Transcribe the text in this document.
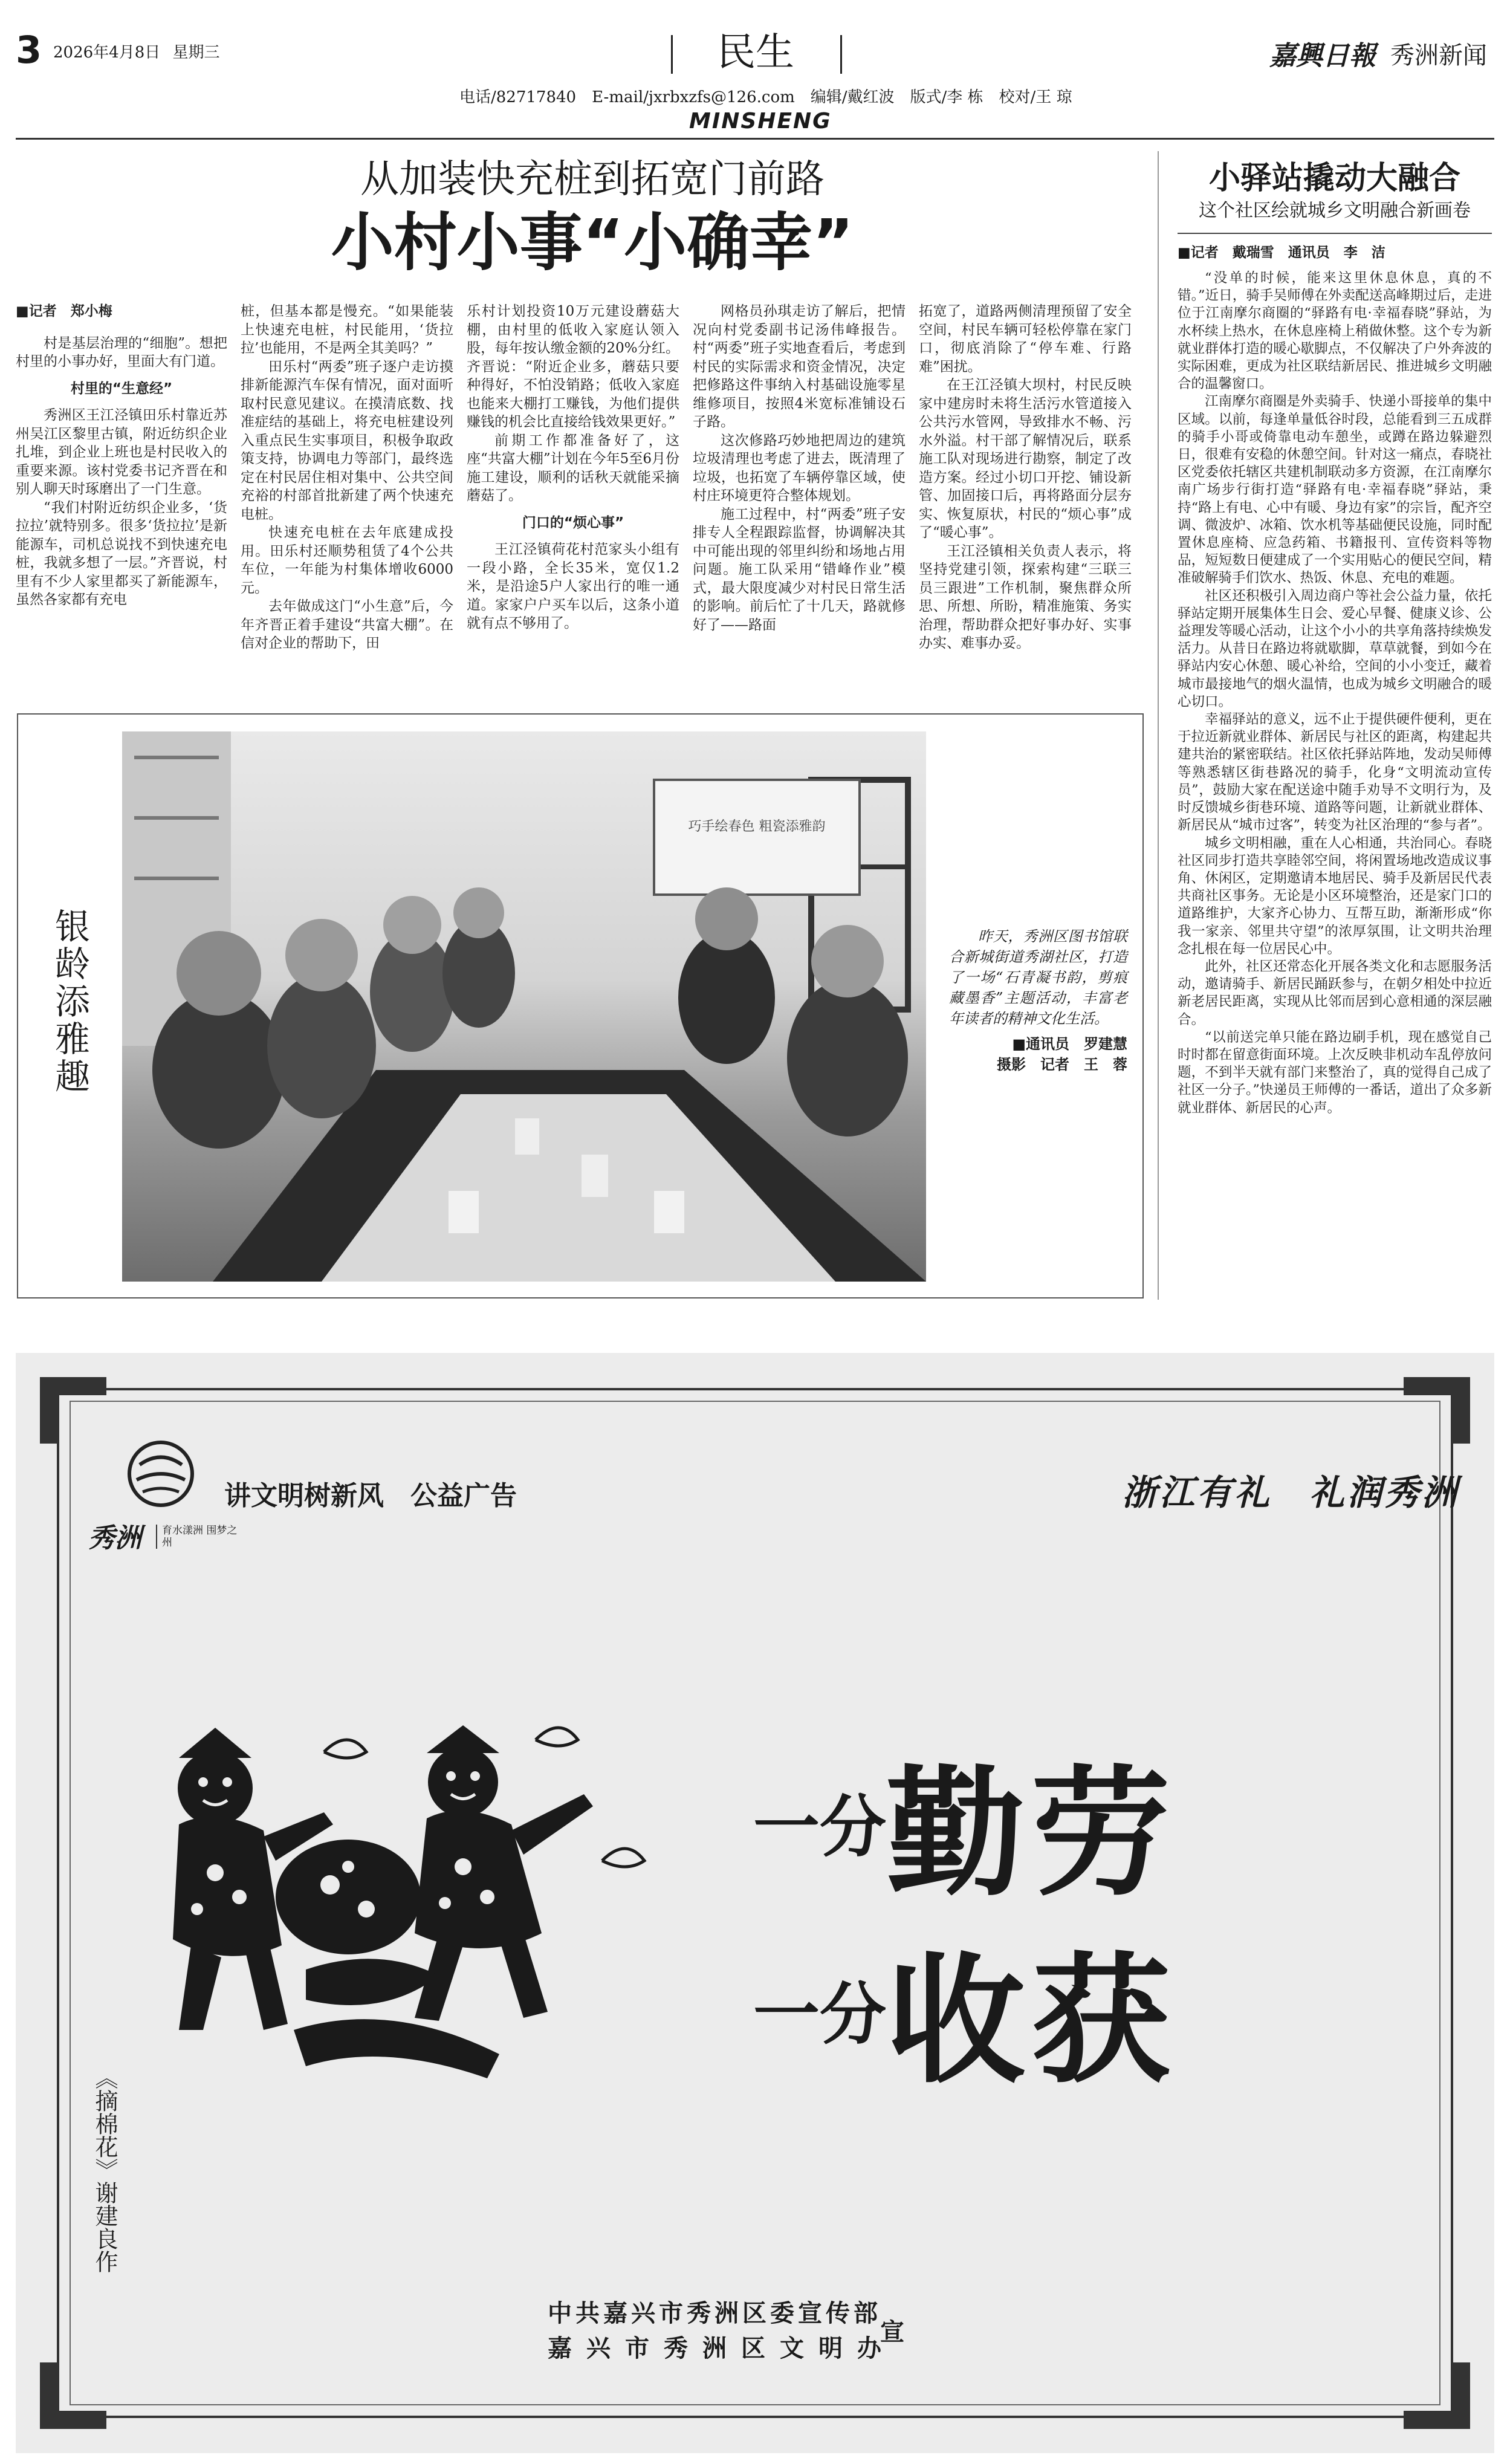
3 2026年4月8日 星期三	民生
MINSHENG
电话/82717840　E-mail/jxrbxzfs@126.com　编辑/戴红波　版式/李 栋　校对/王 琼
嘉興日報 秀洲新闻
从加装快充桩到拓宽门前路
小村小事“小确幸”
■记者　郑小梅

村是基层治理的“细胞”。想把村里的小事办好，里面大有门道。

村里的“生意经”

秀洲区王江泾镇田乐村靠近苏州吴江区黎里古镇，附近纺织企业扎堆，到企业上班也是村民收入的重要来源。该村党委书记齐晋在和别人聊天时琢磨出了一门生意。

“我们村附近纺织企业多，‘货拉拉’就特别多。很多‘货拉拉’是新能源车，司机总说找不到快速充电桩，我就多想了一层。”齐晋说，村里有不少人家里都买了新能源车，虽然各家都有充电

桩，但基本都是慢充。“如果能装上快速充电桩，村民能用，‘货拉拉’也能用，不是两全其美吗？”

田乐村“两委”班子逐户走访摸排新能源汽车保有情况，面对面听取村民意见建议。在摸清底数、找准症结的基础上，将充电桩建设列入重点民生实事项目，积极争取政策支持，协调电力等部门，最终选定在村民居住相对集中、公共空间充裕的村部首批新建了两个快速充电桩。

快速充电桩在去年底建成投用。田乐村还顺势租赁了4个公共车位，一年能为村集体增收6000元。

去年做成这门“小生意”后，今年齐晋正着手建设“共富大棚”。在信对企业的帮助下，田

乐村计划投资10万元建设蘑菇大棚，由村里的低收入家庭认领入股，每年按认缴金额的20%分红。齐晋说：“附近企业多，蘑菇只要种得好，不怕没销路；低收入家庭也能来大棚打工赚钱，为他们提供赚钱的机会比直接给钱效果更好。”

前期工作都准备好了，这座“共富大棚”计划在今年5至6月份施工建设，顺利的话秋天就能采摘蘑菇了。

门口的“烦心事”

王江泾镇荷花村范家头小组有一段小路，全长35米，宽仅1.2米，是沿途5户人家出行的唯一通道。家家户户买车以后，这条小道就有点不够用了。

网格员孙琪走访了解后，把情况向村党委副书记汤伟峰报告。村“两委”班子实地查看后，考虑到村民的实际需求和资金情况，决定把修路这件事纳入村基础设施零星维修项目，按照4米宽标准铺设石子路。

这次修路巧妙地把周边的建筑垃圾清理也考虑了进去，既清理了垃圾，也拓宽了车辆停靠区域，使村庄环境更符合整体规划。

施工过程中，村“两委”班子安排专人全程跟踪监督，协调解决其中可能出现的邻里纠纷和场地占用问题。施工队采用“错峰作业”模式，最大限度减少对村民日常生活的影响。前后忙了十几天，路就修好了——路面

拓宽了，道路两侧清理预留了安全空间，村民车辆可轻松停靠在家门口，彻底消除了“停车难、行路难”困扰。

在王江泾镇大坝村，村民反映家中建房时未将生活污水管道接入公共污水管网，导致排水不畅、污水外溢。村干部了解情况后，联系施工队对现场进行勘察，制定了改造方案。经过小切口开挖、铺设新管、加固接口后，再将路面分层夯实、恢复原状，村民的“烦心事”成了“暖心事”。

王江泾镇相关负责人表示，将坚持党建引领，探索构建“三联三员三跟进”工作机制，聚焦群众所思、所想、所盼，精准施策、务实治理，帮助群众把好事办好、实事办实、难事办妥。

银龄添雅趣
巧手绘春色 粗瓷添雅韵
昨天，秀洲区图书馆联合新城街道秀湖社区，打造了一场“石青凝书韵，剪痕藏墨香”主题活动，丰富老年读者的精神文化生活。
■通讯员　罗建慧
摄影　记者　王　蓉
小驿站撬动大融合
这个社区绘就城乡文明融合新画卷
■记者　戴瑞雪　通讯员　李　洁

“没单的时候，能来这里休息休息，真的不错。”近日，骑手吴师傅在外卖配送高峰期过后，走进位于江南摩尔商圈的“驿路有电·幸福春晓”驿站，为水杯续上热水，在休息座椅上稍做休整。这个专为新就业群体打造的暖心歇脚点，不仅解决了户外奔波的实际困难，更成为社区联结新居民、推进城乡文明融合的温馨窗口。

江南摩尔商圈是外卖骑手、快递小哥接单的集中区域。以前，每逢单量低谷时段，总能看到三五成群的骑手小哥或倚靠电动车憩坐，或蹲在路边躲避烈日，很难有安稳的休憩空间。针对这一痛点，春晓社区党委依托辖区共建机制联动多方资源，在江南摩尔南广场步行街打造“驿路有电·幸福春晓”驿站，秉持“路上有电、心中有暖、身边有家”的宗旨，配齐空调、微波炉、冰箱、饮水机等基础便民设施，同时配置休息座椅、应急药箱、书籍报刊、宣传资料等物品，短短数日便建成了一个实用贴心的便民空间，精准破解骑手们饮水、热饭、休息、充电的难题。

社区还积极引入周边商户等社会公益力量，依托驿站定期开展集体生日会、爱心早餐、健康义诊、公益理发等暖心活动，让这个小小的共享角落持续焕发活力。从昔日在路边将就歇脚，草草就餐，到如今在驿站内安心休憩、暖心补给，空间的小小变迁，藏着城市最接地气的烟火温情，也成为城乡文明融合的暖心切口。

幸福驿站的意义，远不止于提供硬件便利，更在于拉近新就业群体、新居民与社区的距离，构建起共建共治的紧密联结。社区依托驿站阵地，发动吴师傅等熟悉辖区街巷路况的骑手，化身“文明流动宣传员”，鼓励大家在配送途中随手劝导不文明行为，及时反馈城乡街巷环境、道路等问题，让新就业群体、新居民从“城市过客”，转变为社区治理的“参与者”。

城乡文明相融，重在人心相通，共治同心。春晓社区同步打造共享睦邻空间，将闲置场地改造成议事角、休闲区，定期邀请本地居民、骑手及新居民代表共商社区事务。无论是小区环境整治，还是家门口的道路维护，大家齐心协力、互帮互助，渐渐形成“你我一家亲、邻里共守望”的浓厚氛围，让文明共治理念扎根在每一位居民心中。

此外，社区还常态化开展各类文化和志愿服务活动，邀请骑手、新居民踊跃参与，在朝夕相处中拉近新老居民距离，实现从比邻而居到心意相通的深层融合。

“以前送完单只能在路边刷手机，现在感觉自己时时都在留意街面环境。上次反映非机动车乱停放问题，不到半天就有部门来整治了，真的觉得自己成了社区一分子。”快递员王师傅的一番话，道出了众多新就业群体、新居民的心声。

秀洲	育水漾洲 围梦之州
讲文明树新风　公益广告	浙江有礼　礼润秀洲
《摘棉花》谢建良作
一分勤劳
一分收获
中共嘉兴市秀洲区委宣传部
嘉兴市秀洲区文明办
宣
